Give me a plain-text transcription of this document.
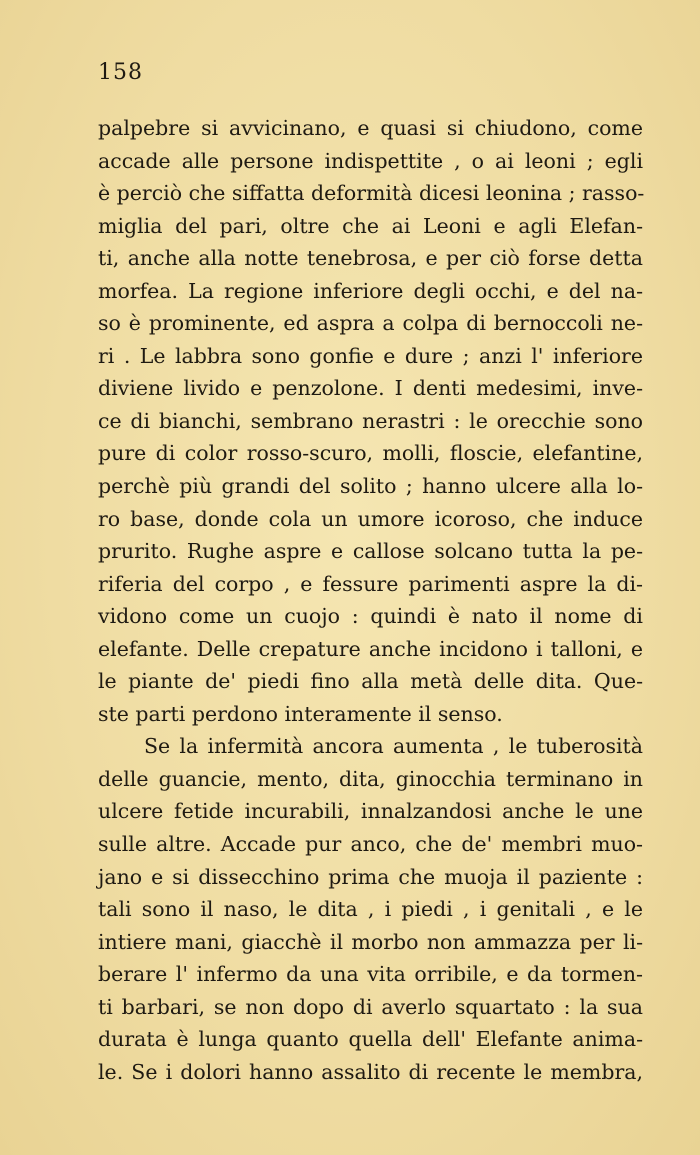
158
palpebre si avvicinano, e quasi si chiudono, come
accade alle persone indispettite , o ai leoni ; egli
è perciò che siffatta deformità dicesi leonina ; rasso-
miglia del pari, oltre che ai Leoni e agli Elefan-
ti, anche alla notte tenebrosa, e per ciò forse detta
morfea. La regione inferiore degli occhi, e del na-
so è prominente, ed aspra a colpa di bernoccoli ne-
ri . Le labbra sono gonfie e dure ; anzi l' inferiore
diviene livido e penzolone. I denti medesimi, inve-
ce di bianchi, sembrano nerastri : le orecchie sono
pure di color rosso-scuro, molli, floscie, elefantine,
perchè più grandi del solito ; hanno ulcere alla lo-
ro base, donde cola un umore icoroso, che induce
prurito. Rughe aspre e callose solcano tutta la pe-
riferia del corpo , e fessure parimenti aspre la di-
vidono come un cuojo : quindi è nato il nome di
elefante. Delle crepature anche incidono i talloni, e
le piante de' piedi fino alla metà delle dita. Que-
ste parti perdono interamente il senso.
Se la infermità ancora aumenta , le tuberosità
delle guancie, mento, dita, ginocchia terminano in
ulcere fetide incurabili, innalzandosi anche le une
sulle altre. Accade pur anco, che de' membri muo-
jano e si dissecchino prima che muoja il paziente :
tali sono il naso, le dita , i piedi , i genitali , e le
intiere mani, giacchè il morbo non ammazza per li-
berare l' infermo da una vita orribile, e da tormen-
ti barbari, se non dopo di averlo squartato : la sua
durata è lunga quanto quella dell' Elefante anima-
le. Se i dolori hanno assalito di recente le membra,
